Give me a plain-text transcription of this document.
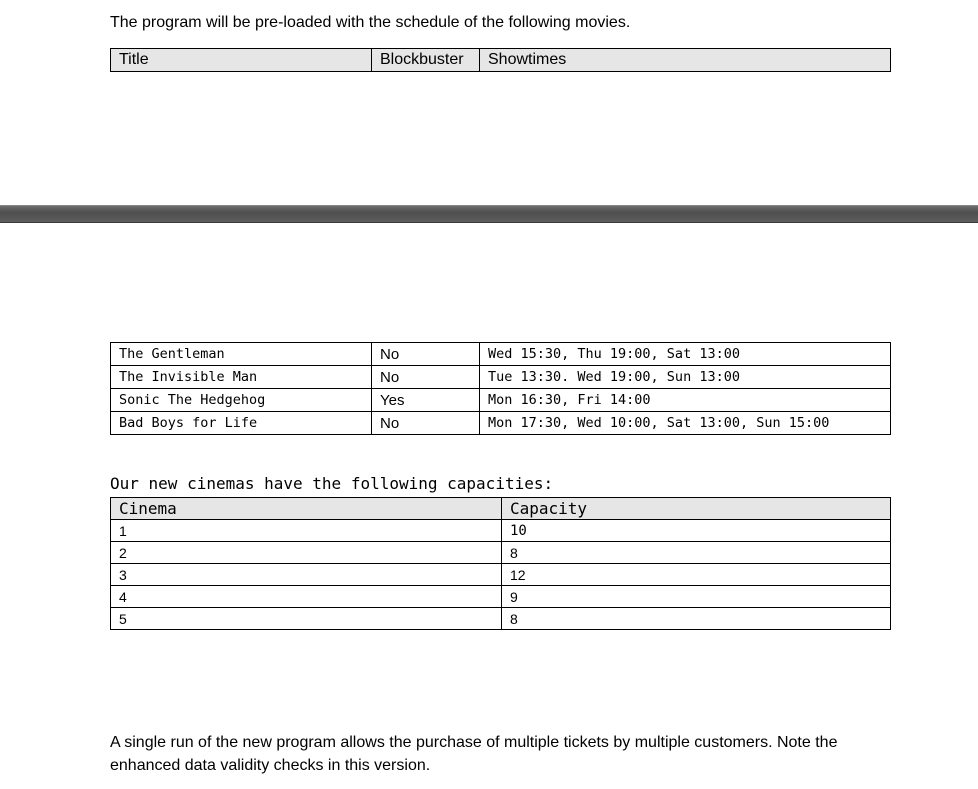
The program will be pre-loaded with the schedule of the following movies.
Title	Blockbuster	Showtimes
The Gentleman	No	Wed 15:30, Thu 19:00, Sat 13:00
The Invisible Man	No	Tue 13:30. Wed 19:00, Sun 13:00
Sonic The Hedgehog	Yes	Mon 16:30, Fri 14:00
Bad Boys for Life	No	Mon 17:30, Wed 10:00, Sat 13:00, Sun 15:00
Our new cinemas have the following capacities:
Cinema	Capacity
1	10
2	8
3	12
4	9
5	8
A single run of the new program allows the purchase of multiple tickets by multiple customers. Note the enhanced data validity checks in this version.
